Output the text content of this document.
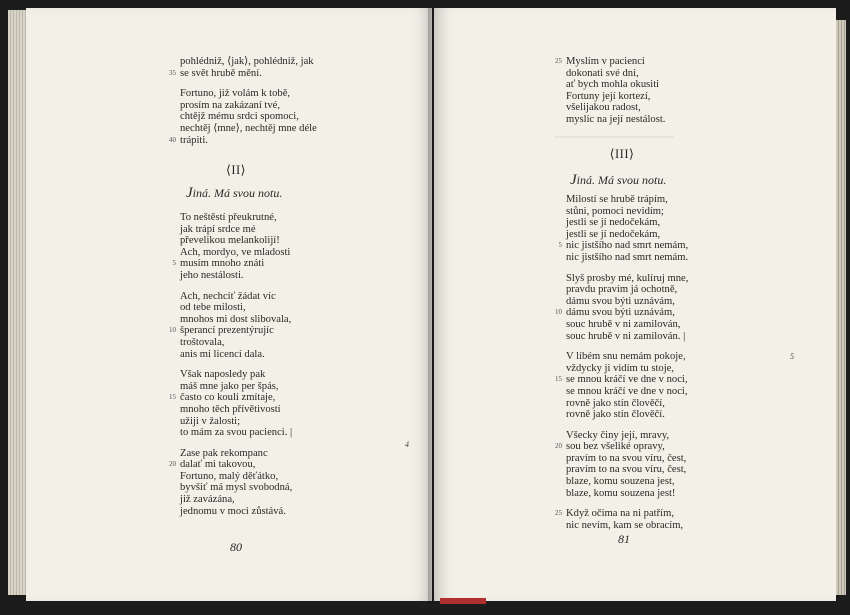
pohlédniž, ⟨jak⟩, pohlédniž, jak
35 se svět hrubě mění.
Fortuno, již volám k tobě,
prosím na zakázaní tvé,
chtějž mému srdci spomoci,
nechtěj ⟨mne⟩, nechtěj mne déle
40 trápiti.
⟨II⟩
Jiná. Má svou notu.
To neštěstí přeukrutné,
jak trápí srdce mé
převelikou melankolijí!
Ach, mordyo, ve mladosti
5 musím mnoho znáti
jeho nestálosti.
Ach, nechcíť žádat víc
od tebe milosti,
mnohos mi dost slibovala,
10 šperancí prezentýrujíc
troštovala,
anis mi licencí dala.
Však naposledy pak
máš mne jako per špás,
15 často co kouli zmítaje,
mnoho těch přívětivostí
užiji v žalosti;
to mám za svou pacienci. |
Zase pak rekompanc
20 dalať mi takovou,
Fortuno, malý děťátko,
byvšiť má mysl svobodná,
již zavázána,
jednomu v moci zůstává.
4
80
25 Myslím v pacienci
dokonati své dni,
ať bych mohla okusiti
Fortuny její kortezí,
všelijakou radost,
myslíc na její nestálost.
⟨III⟩
Jiná. Má svou notu.
Milostí se hrubě trápím,
stůni, pomoci nevidím;
jestli se jí nedočekám,
jestli se jí nedočekám,
5 nic jistšího nad smrt nemám,
nic jistšího nad smrt nemám.
Slyš prosby mé, kulíruj mne,
pravdu pravím já ochotně,
dámu svou býti uznávám,
10 dámu svou býti uznávám,
souc hrubě v ni zamilován,
souc hrubě v ni zamilován. |
V líbém snu nemám pokoje,
vždycky ji vidím tu stoje,
15 se mnou kráčí ve dne v noci,
se mnou kráčí ve dne v noci,
rovně jako stín člověčí,
rovně jako stín člověčí.
Všecky činy její, mravy,
20 sou bez všeliké opravy,
pravím to na svou víru, čest,
pravím to na svou víru, čest,
blaze, komu souzena jest,
blaze, komu souzena jest!
25 Když očima na ni patřím,
nic nevím, kam se obracím,
5
81
